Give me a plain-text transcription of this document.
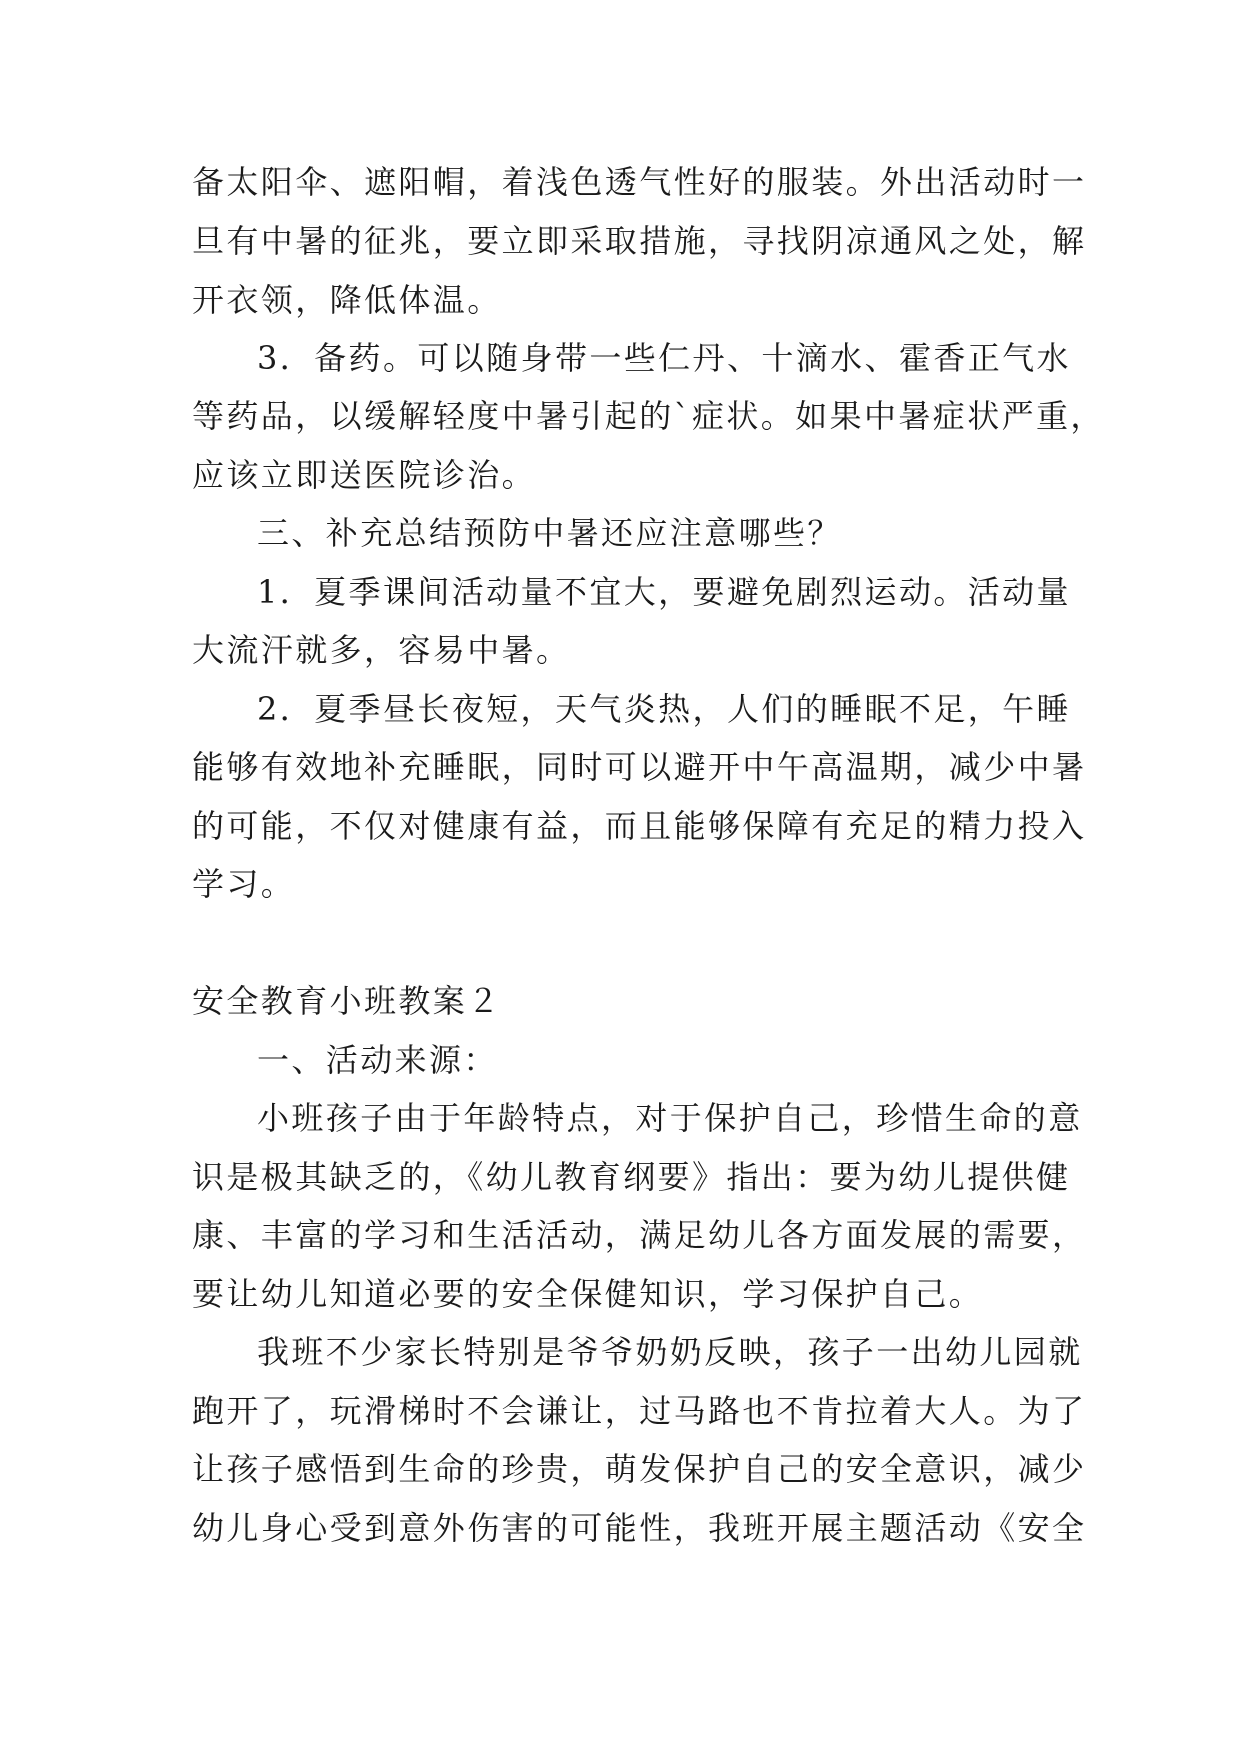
备太阳伞、遮阳帽，着浅色透气性好的服装。外出活动时一
旦有中暑的征兆，要立即采取措施，寻找阴凉通风之处，解
开衣领，降低体温。
3．备药。可以随身带一些仁丹、十滴水、霍香正气水
等药品，以缓解轻度中暑引起的`症状。如果中暑症状严重，
应该立即送医院诊治。
三、补充总结预防中暑还应注意哪些？
1．夏季课间活动量不宜大，要避免剧烈运动。活动量
大流汗就多，容易中暑。
2．夏季昼长夜短，天气炎热，人们的睡眠不足，午睡
能够有效地补充睡眠，同时可以避开中午高温期，减少中暑
的可能，不仅对健康有益，而且能够保障有充足的精力投入
学习。
安全教育小班教案２
一、活动来源：
小班孩子由于年龄特点，对于保护自己，珍惜生命的意
识是极其缺乏的，《幼儿教育纲要》指出：要为幼儿提供健
康、丰富的学习和生活活动，满足幼儿各方面发展的需要，
要让幼儿知道必要的安全保健知识，学习保护自己。
我班不少家长特别是爷爷奶奶反映，孩子一出幼儿园就
跑开了，玩滑梯时不会谦让，过马路也不肯拉着大人。为了
让孩子感悟到生命的珍贵，萌发保护自己的安全意识，减少
幼儿身心受到意外伤害的可能性，我班开展主题活动《安全
